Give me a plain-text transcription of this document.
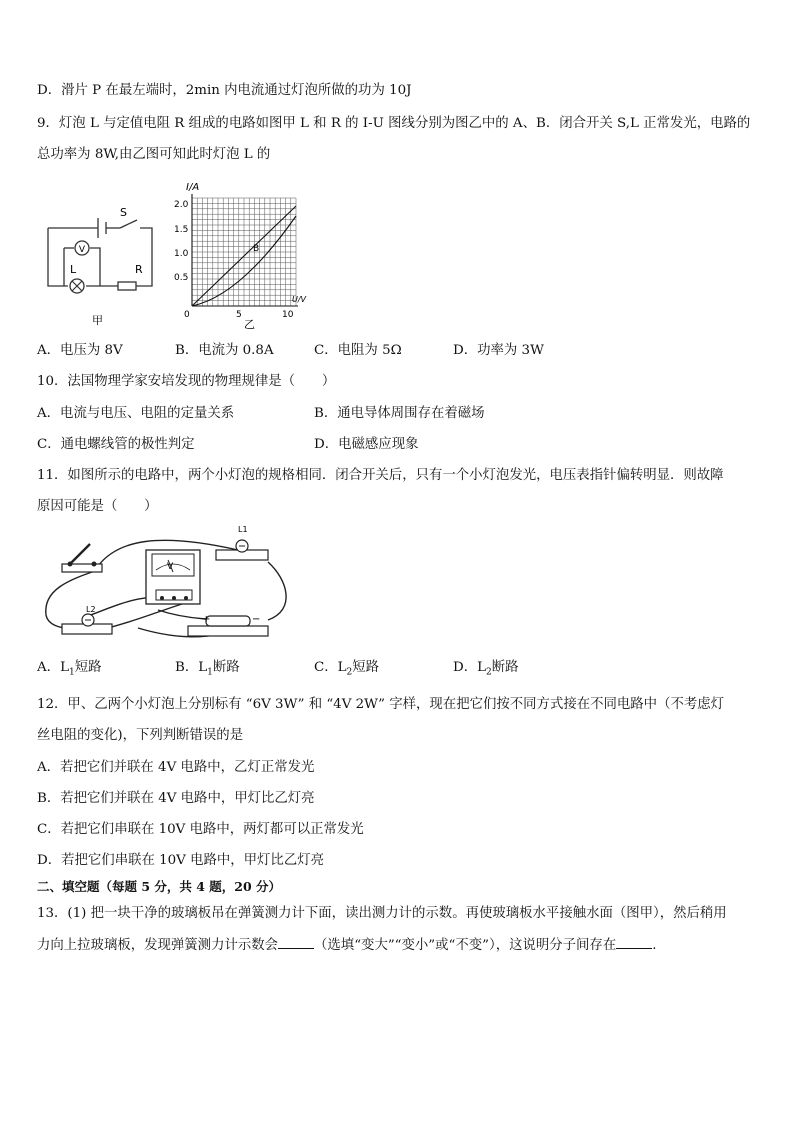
D．滑片 P 在最左端时，2min 内电流通过灯泡所做的功为 10J
9．灯泡 L 与定值电阻 R 组成的电路如图甲 L 和 R 的 I-U 图线分别为图乙中的 A、B．闭合开关 S,L 正常发光，电路的
总功率为 8W,由乙图可知此时灯泡 L 的
V
L	R
S
甲
B
I/A
U/V
2.0
1.5
1.0
0.5
0	5	10
乙
A．电压为 8V	B．电流为 0.8A	C．电阻为 5Ω	D．功率为 3W
10．法国物理学家安培发现的物理规律是（　　）
A．电流与电压、电阻的定量关系	B．通电导体周围存在着磁场
C．通电螺线管的极性判定	D．电磁感应现象
11．如图所示的电路中，两个小灯泡的规格相同．闭合开关后，只有一个小灯泡发光，电压表指针偏转明显．则故障
原因可能是（　　）
V
L1
L2
+	−
A．$L_1$短路	B．$L_1$断路	C．$L_2$短路	D．$L_2$断路
12．甲、乙两个小灯泡上分别标有 “6V 3W” 和 “4V 2W” 字样，现在把它们按不同方式接在不同电路中（不考虑灯
丝电阻的变化)，下列判断错误的是
A．若把它们并联在 4V 电路中，乙灯正常发光
B．若把它们并联在 4V 电路中，甲灯比乙灯亮
C．若把它们串联在 10V 电路中，两灯都可以正常发光
D．若把它们串联在 10V 电路中，甲灯比乙灯亮
二、填空题（每题 5 分，共 4 题，20 分）
13．(1) 把一块干净的玻璃板吊在弹簧测力计下面，读出测力计的示数。再使玻璃板水平接触水面（图甲），然后稍用
力向上拉玻璃板，发现弹簧测力计示数会	（选填“变大”“变小”或“不变”），这说明分子间存在	.
